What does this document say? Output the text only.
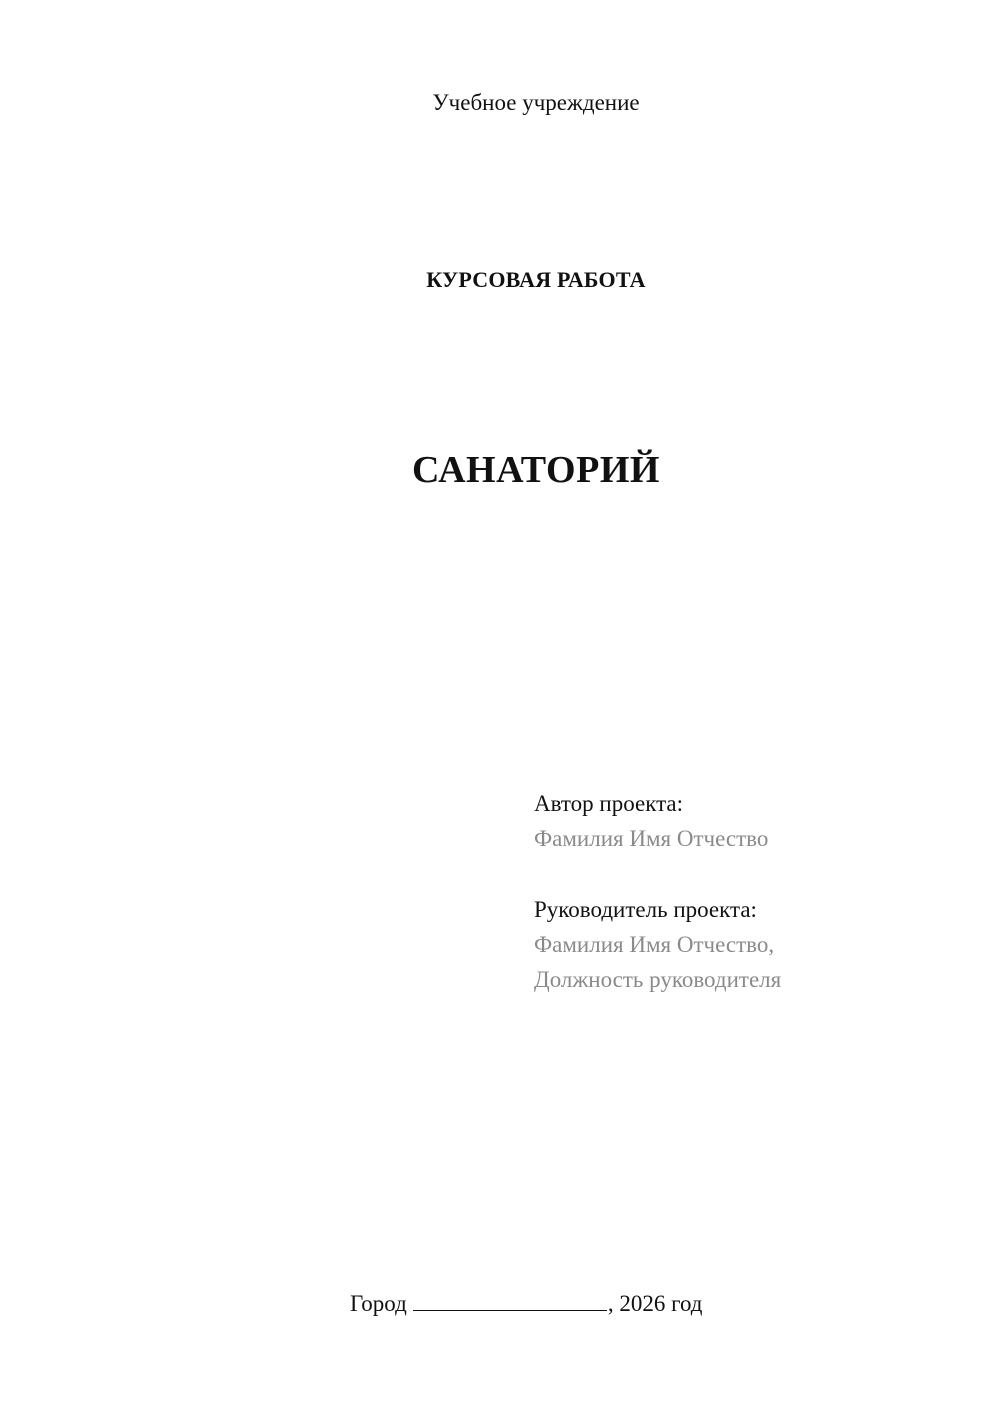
Учебное учреждение
КУРСОВАЯ РАБОТА
САНАТОРИЙ
Автор проекта:
Фамилия Имя Отчество
Руководитель проекта:
Фамилия Имя Отчество,
Должность руководителя
Город	, 2026 год
